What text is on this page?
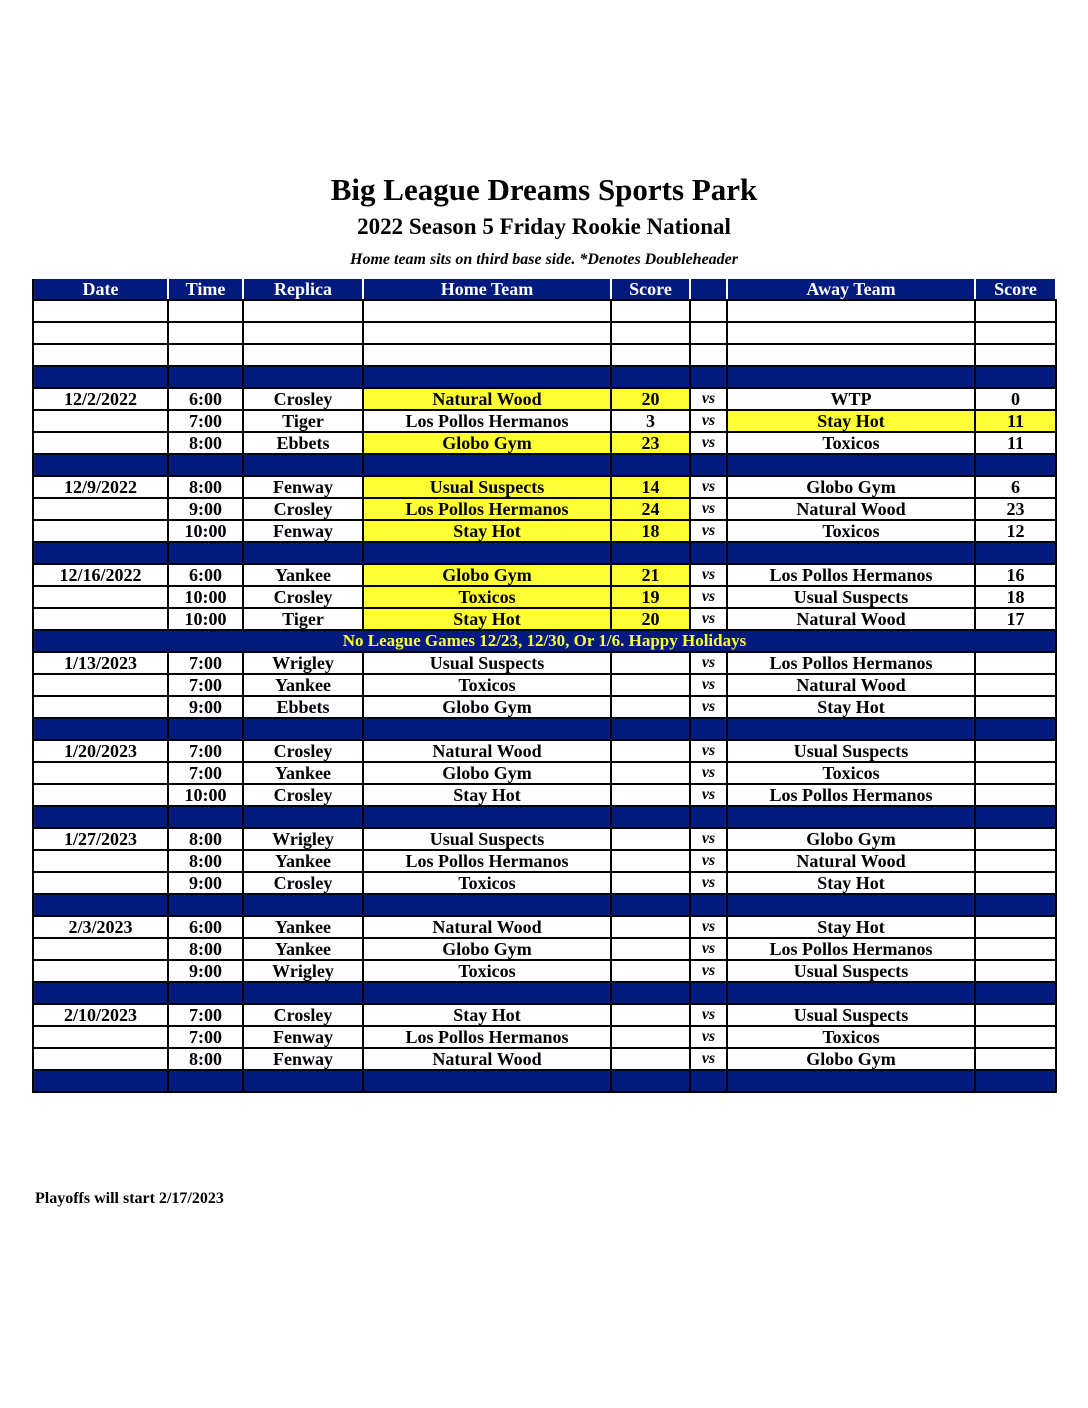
Big League Dreams Sports Park
2022 Season 5 Friday Rookie National
Home team sits on third base side. *Denotes Doubleheader
Date	Time	Replica	Home Team	Score		Away Team	Score

12/2/2022	6:00	Crosley	Natural Wood	20	vs	WTP	0
	7:00	Tiger	Los Pollos Hermanos	3	vs	Stay Hot	11
	8:00	Ebbets	Globo Gym	23	vs	Toxicos	11

12/9/2022	8:00	Fenway	Usual Suspects	14	vs	Globo Gym	6
	9:00	Crosley	Los Pollos Hermanos	24	vs	Natural Wood	23
	10:00	Fenway	Stay Hot	18	vs	Toxicos	12

12/16/2022	6:00	Yankee	Globo Gym	21	vs	Los Pollos Hermanos	16
	10:00	Crosley	Toxicos	19	vs	Usual Suspects	18
	10:00	Tiger	Stay Hot	20	vs	Natural Wood	17
No League Games 12/23, 12/30, Or 1/6. Happy Holidays							
1/13/2023	7:00	Wrigley	Usual Suspects		vs	Los Pollos Hermanos	
	7:00	Yankee	Toxicos		vs	Natural Wood	
	9:00	Ebbets	Globo Gym		vs	Stay Hot	

1/20/2023	7:00	Crosley	Natural Wood		vs	Usual Suspects	
	7:00	Yankee	Globo Gym		vs	Toxicos	
	10:00	Crosley	Stay Hot		vs	Los Pollos Hermanos	

1/27/2023	8:00	Wrigley	Usual Suspects		vs	Globo Gym	
	8:00	Yankee	Los Pollos Hermanos		vs	Natural Wood	
	9:00	Crosley	Toxicos		vs	Stay Hot	

2/3/2023	6:00	Yankee	Natural Wood		vs	Stay Hot	
	8:00	Yankee	Globo Gym		vs	Los Pollos Hermanos	
	9:00	Wrigley	Toxicos		vs	Usual Suspects	

2/10/2023	7:00	Crosley	Stay Hot		vs	Usual Suspects	
	7:00	Fenway	Los Pollos Hermanos		vs	Toxicos	
	8:00	Fenway	Natural Wood		vs	Globo Gym	

Playoffs will start 2/17/2023
